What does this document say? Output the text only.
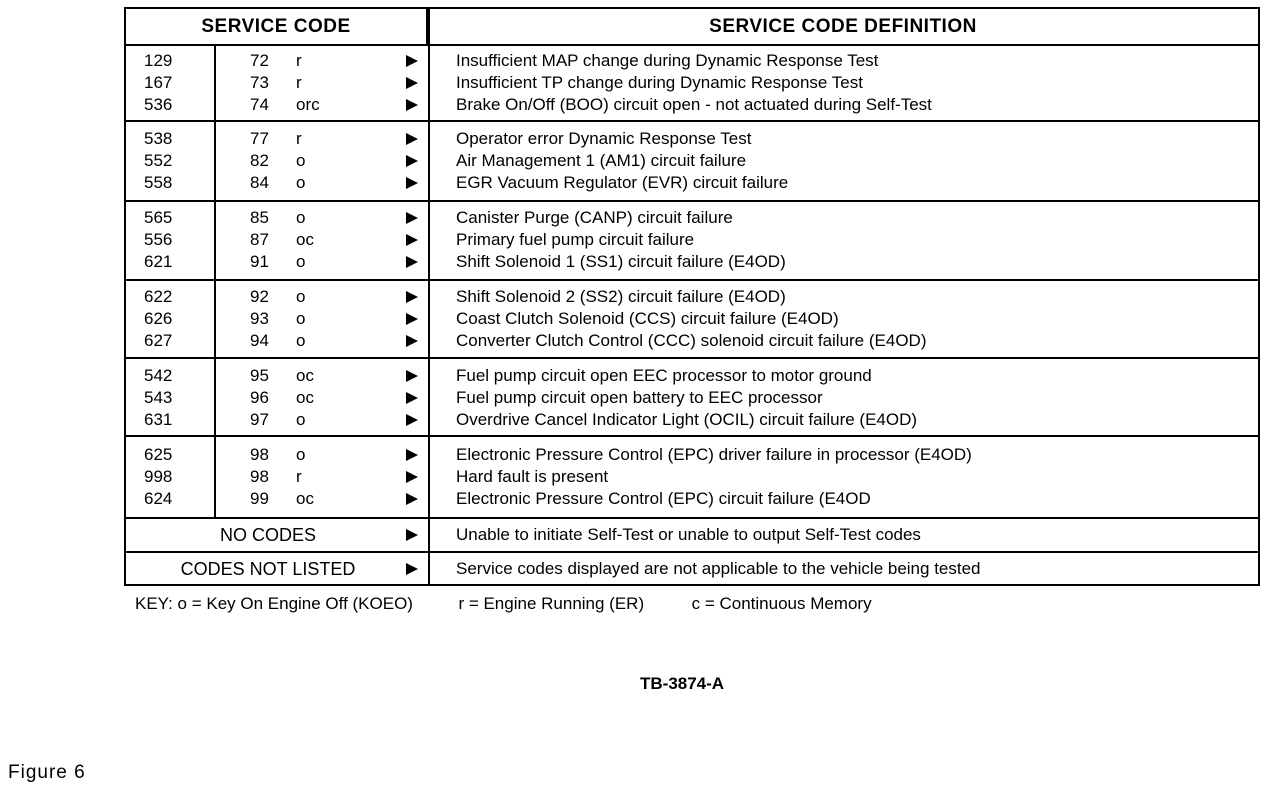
SERVICE CODE	SERVICE CODE DEFINITION
129	72	r	Insufficient MAP change during Dynamic Response Test
167	73	r	Insufficient TP change during Dynamic Response Test
536	74	orc	Brake On/Off (BOO) circuit open - not actuated during Self-Test
538	77	r	Operator error Dynamic Response Test
552	82	o	Air Management 1 (AM1) circuit failure
558	84	o	EGR Vacuum Regulator (EVR) circuit failure
565	85	o	Canister Purge (CANP) circuit failure
556	87	oc	Primary fuel pump circuit failure
621	91	o	Shift Solenoid 1 (SS1) circuit failure (E4OD)
622	92	o	Shift Solenoid 2 (SS2) circuit failure (E4OD)
626	93	o	Coast Clutch Solenoid (CCS) circuit failure (E4OD)
627	94	o	Converter Clutch Control (CCC) solenoid circuit failure (E4OD)
542	95	oc	Fuel pump circuit open EEC processor to motor ground
543	96	oc	Fuel pump circuit open battery to EEC processor
631	97	o	Overdrive Cancel Indicator Light (OCIL) circuit failure (E4OD)
625	98	o	Electronic Pressure Control (EPC) driver failure in processor (E4OD)
998	98	r	Hard fault is present
624	99	oc	Electronic Pressure Control (EPC) circuit failure (E4OD
NO CODES	Unable to initiate Self-Test or unable to output Self-Test codes
CODES NOT LISTED	Service codes displayed are not applicable to the vehicle being tested
KEY: o = Key On Engine Off (KOEO)	r = Engine Running (ER)	c = Continuous Memory
TB-3874-A
Figure 6
